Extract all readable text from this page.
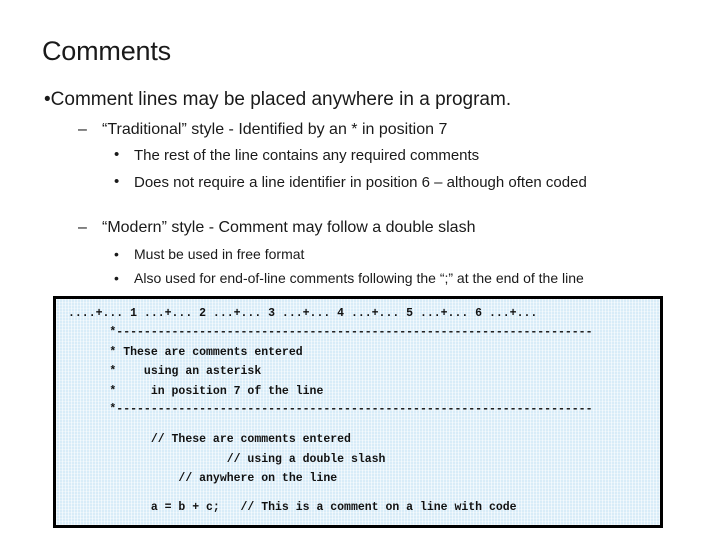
Comments
•Comment lines may be placed anywhere in a program.
– “Traditional” style - Identified by an * in position 7
• The rest of the line contains any required comments
• Does not require a line identifier in position 6 – although often coded
– “Modern” style - Comment may follow a double slash
• Must be used in free format
• Also used for end-of-line comments following the “;” at the end of the line

....+... 1 ...+... 2 ...+... 3 ...+... 4 ...+... 5 ...+... 6 ...+...

*---------------------------------------------------------------------

* These are comments entered

*    using an asterisk

*     in position 7 of the line

*---------------------------------------------------------------------

// These are comments entered

// using a double slash

// anywhere on the line

a = b + c;   // This is a comment on a line with code
